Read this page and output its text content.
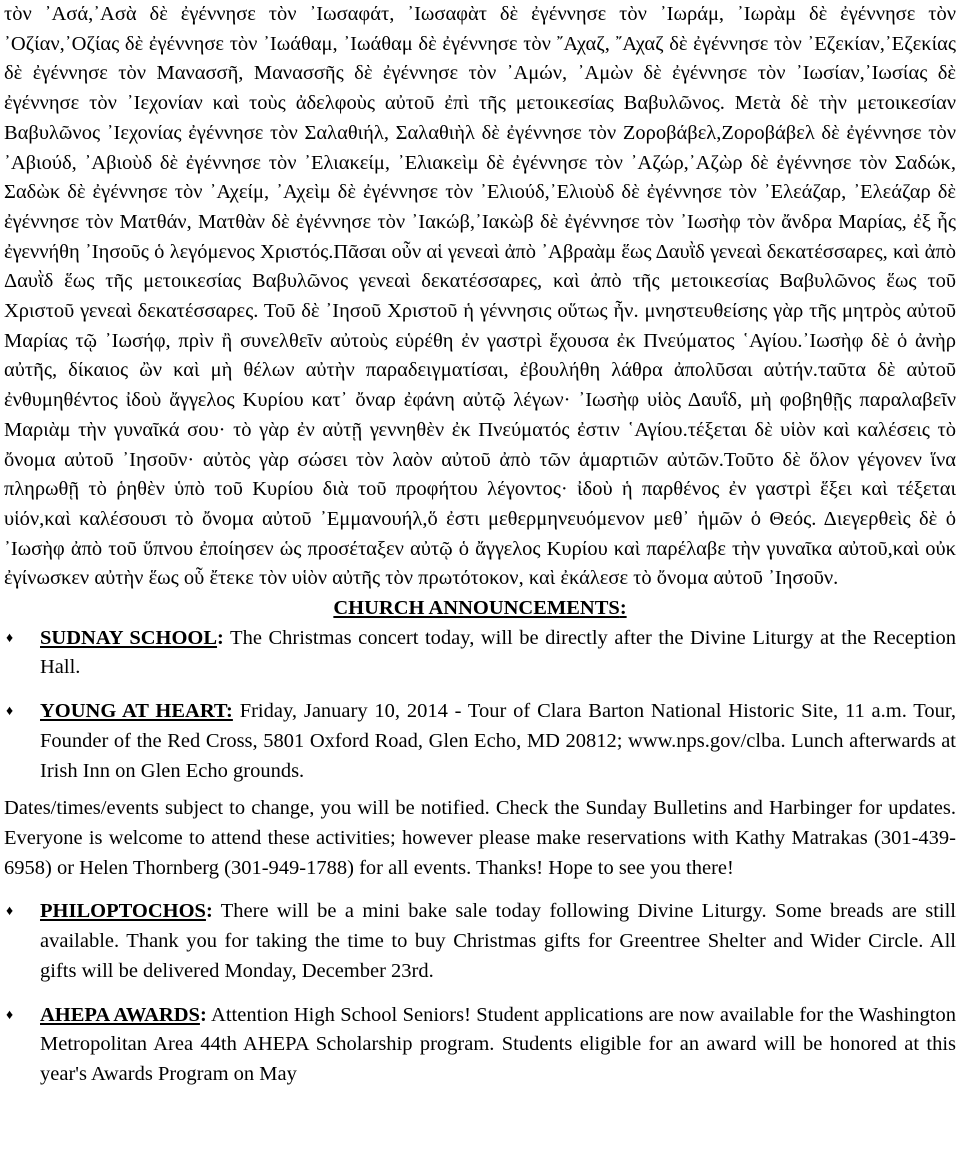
τὸν ᾿Ασά,᾿Ασὰ δὲ ἐγέννησε τὸν ᾿Ιωσαφάτ, ᾿Ιωσαφὰτ δὲ ἐγέννησε τὸν ᾿Ιωράμ, ᾿Ιωρὰμ δὲ ἐγέννησε τὸν ᾿Οζίαν,᾿Οζίας δὲ ἐγέννησε τὸν ᾿Ιωάθαμ, ᾿Ιωάθαμ δὲ ἐγέννησε τὸν ῎Αχαζ, ῎Αχαζ δὲ ἐγέννησε τὸν ᾿Εζεκίαν,᾿Εζεκίας δὲ ἐγέννησε τὸν Μανασσῆ, Μανασσῆς δὲ ἐγέννησε τὸν ᾿Αμών, ᾿Αμὼν δὲ ἐγέννησε τὸν ᾿Ιωσίαν,᾿Ιωσίας δὲ ἐγέννησε τὸν ᾿Ιεχονίαν καὶ τοὺς ἀδελφοὺς αὐτοῦ ἐπὶ τῆς μετοικεσίας Βαβυλῶνος. Μετὰ δὲ τὴν μετοικεσίαν Βαβυλῶνος ᾿Ιεχονίας ἐγέννησε τὸν Σαλαθιήλ, Σαλαθιὴλ δὲ ἐγέννησε τὸν Ζοροβάβελ,Ζοροβάβελ δὲ ἐγέννησε τὸν ᾿Αβιούδ, ᾿Αβιοὺδ δὲ ἐγέννησε τὸν ᾿Ελιακείμ, ᾿Ελιακεὶμ δὲ ἐγέννησε τὸν ᾿Αζώρ,᾿Αζὼρ δὲ ἐγέννησε τὸν Σαδώκ, Σαδὼκ δὲ ἐγέννησε τὸν ᾿Αχείμ, ᾿Αχεὶμ δὲ ἐγέννησε τὸν ᾿Ελιούδ,᾿Ελιοὺδ δὲ ἐγέννησε τὸν ᾿Ελεάζαρ, ᾿Ελεάζαρ δὲ ἐγέννησε τὸν Ματθάν, Ματθὰν δὲ ἐγέννησε τὸν ᾿Ιακώβ,᾿Ιακὼβ δὲ ἐγέννησε τὸν ᾿Ιωσὴφ τὸν ἄνδρα Μαρίας, ἐξ ἧς ἐγεννήθη ᾿Ιησοῦς ὁ λεγόμενος Χριστός.Πᾶσαι οὖν αἱ γενεαὶ ἀπὸ ᾿Αβραὰμ ἕως Δαυῒδ γενεαὶ δεκατέσσαρες, καὶ ἀπὸ Δαυῒδ ἕως τῆς μετοικεσίας Βαβυλῶνος γενεαὶ δεκατέσσαρες, καὶ ἀπὸ τῆς μετοικεσίας Βαβυλῶνος ἕως τοῦ Χριστοῦ γενεαὶ δεκατέσσαρες. Τοῦ δὲ ᾿Ιησοῦ Χριστοῦ ἡ γέννησις οὕτως ἦν. μνηστευθείσης γὰρ τῆς μητρὸς αὐτοῦ Μαρίας τῷ ᾿Ιωσήφ, πρὶν ἢ συνελθεῖν αὐτοὺς εὑρέθη ἐν γαστρὶ ἔχουσα ἐκ Πνεύματος ῾Αγίου.᾿Ιωσὴφ δὲ ὁ ἀνὴρ αὐτῆς, δίκαιος ὢν καὶ μὴ θέλων αὐτὴν παραδειγματίσαι, ἐβουλήθη λάθρα ἀπολῦσαι αὐτήν.ταῦτα δὲ αὐτοῦ ἐνθυμηθέντος ἰδοὺ ἄγγελος Κυρίου κατ᾿ ὄναρ ἐφάνη αὐτῷ λέγων· ᾿Ιωσὴφ υἱὸς Δαυΐδ, μὴ φοβηθῇς παραλαβεῖν Μαριὰμ τὴν γυναῖκά σου· τὸ γὰρ ἐν αὐτῇ γεννηθὲν ἐκ Πνεύματός ἐστιν ῾Αγίου.τέξεται δὲ υἱὸν καὶ καλέσεις τὸ ὄνομα αὐτοῦ ᾿Ιησοῦν· αὐτὸς γὰρ σώσει τὸν λαὸν αὐτοῦ ἀπὸ τῶν ἁμαρτιῶν αὐτῶν.Τοῦτο δὲ ὅλον γέγονεν ἵνα πληρωθῇ τὸ ῥηθὲν ὑπὸ τοῦ Κυρίου διὰ τοῦ προφήτου λέγοντος· ἰδοὺ ἡ παρθένος ἐν γαστρὶ ἕξει καὶ τέξεται υἱόν,καὶ καλέσουσι τὸ ὄνομα αὐτοῦ ᾿Εμμανουήλ,ὅ ἐστι μεθερμηνευόμενον μεθ᾿ ἡμῶν ὁ Θεός. Διεγερθεὶς δὲ ὁ ᾿Ιωσὴφ ἀπὸ τοῦ ὕπνου ἐποίησεν ὡς προσέταξεν αὐτῷ ὁ ἄγγελος Κυρίου καὶ παρέλαβε τὴν γυναῖκα αὐτοῦ,καὶ οὐκ ἐγίνωσκεν αὐτὴν ἕως οὗ ἔτεκε τὸν υἱὸν αὐτῆς τὸν πρωτότοκον, καὶ ἐκάλεσε τὸ ὄνομα αὐτοῦ ᾿Ιησοῦν.

CHURCH ANNOUNCEMENTS:

♦	SUDNAY SCHOOL: The Christmas concert today, will be directly after the Divine Liturgy at the Reception Hall.
♦	YOUNG AT HEART: Friday, January 10, 2014 - Tour of Clara Barton National Historic Site, 11 a.m. Tour, Founder of the Red Cross, 5801 Oxford Road, Glen Echo, MD 20812; www.nps.gov/clba. Lunch afterwards at Irish Inn on Glen Echo grounds.

Dates/times/events subject to change, you will be notified. Check the Sunday Bulletins and Harbinger for updates. Everyone is welcome to attend these activities; however please make reservations with Kathy Matrakas (301-439-6958) or Helen Thornberg (301-949-1788) for all events. Thanks! Hope to see you there!

♦	PHILOPTOCHOS: There will be a mini bake sale today following Divine Liturgy. Some breads are still available. Thank you for taking the time to buy Christmas gifts for Greentree Shelter and Wider Circle. All gifts will be delivered Monday, December 23rd.
♦	AHEPA AWARDS: Attention High School Seniors! Student applications are now available for the Washington Metropolitan Area 44th AHEPA Scholarship program. Students eligible for an award will be honored at this year's Awards Program on May
